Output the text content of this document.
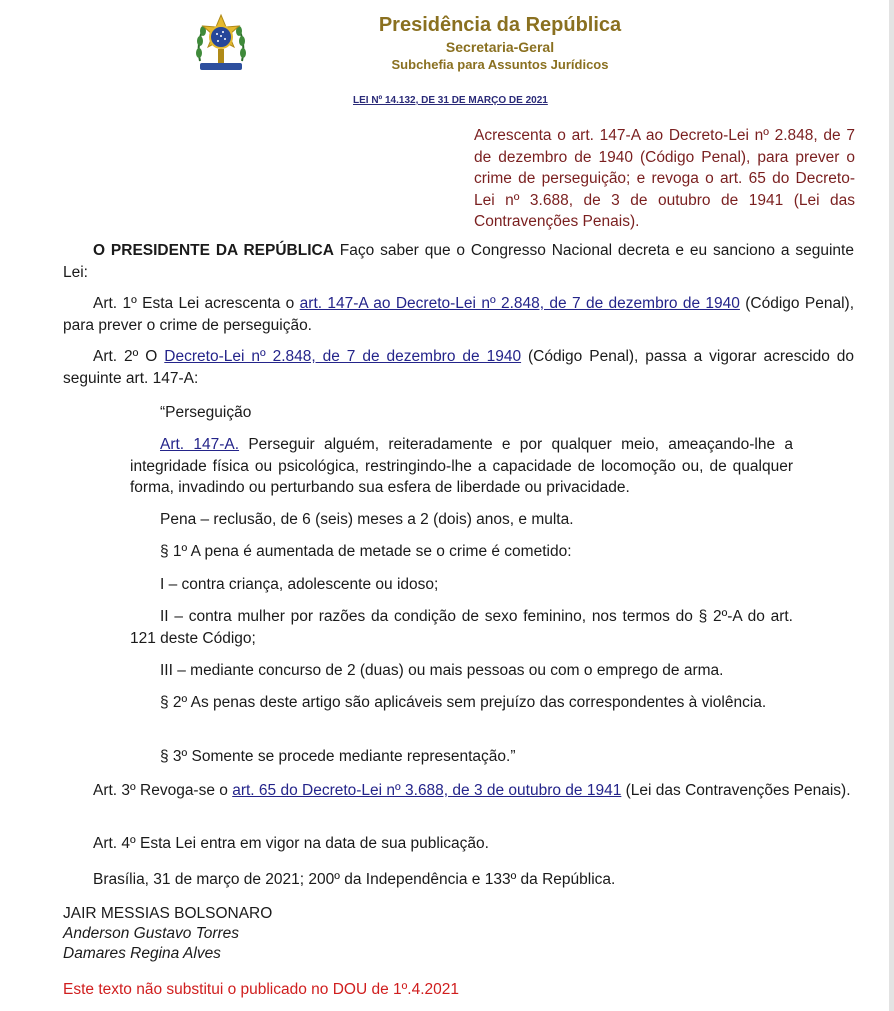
Presidência da República
Secretaria-Geral
Subchefia para Assuntos Jurídicos
LEI Nº 14.132, DE 31 DE MARÇO DE 2021
Acrescenta o art. 147-A ao Decreto-Lei nº 2.848, de 7 de dezembro de 1940 (Código Penal), para prever o crime de perseguição; e revoga o art. 65 do Decreto-Lei nº 3.688, de 3 de outubro de 1941 (Lei das Contravenções Penais).
O PRESIDENTE DA REPÚBLICA Faço saber que o Congresso Nacional decreta e eu sanciono a seguinte Lei:
Art. 1º Esta Lei acrescenta o art. 147-A ao Decreto-Lei nº 2.848, de 7 de dezembro de 1940 (Código Penal), para prever o crime de perseguição.
Art. 2º O Decreto-Lei nº 2.848, de 7 de dezembro de 1940 (Código Penal), passa a vigorar acrescido do seguinte art. 147-A:
“Perseguição
Art. 147-A. Perseguir alguém, reiteradamente e por qualquer meio, ameaçando-lhe a integridade física ou psicológica, restringindo-lhe a capacidade de locomoção ou, de qualquer forma, invadindo ou perturbando sua esfera de liberdade ou privacidade.
Pena – reclusão, de 6 (seis) meses a 2 (dois) anos, e multa.
§ 1º A pena é aumentada de metade se o crime é cometido:
I – contra criança, adolescente ou idoso;
II – contra mulher por razões da condição de sexo feminino, nos termos do § 2º-A do art. 121 deste Código;
III – mediante concurso de 2 (duas) ou mais pessoas ou com o emprego de arma.
§ 2º As penas deste artigo são aplicáveis sem prejuízo das correspondentes à violência.
§ 3º Somente se procede mediante representação.”
Art. 3º Revoga-se o art. 65 do Decreto-Lei nº 3.688, de 3 de outubro de 1941 (Lei das Contravenções Penais).
Art. 4º Esta Lei entra em vigor na data de sua publicação.
Brasília, 31 de março de 2021; 200º da Independência e 133º da República.
JAIR MESSIAS BOLSONARO
Anderson Gustavo Torres
Damares Regina Alves
Este texto não substitui o publicado no DOU de 1º.4.2021
